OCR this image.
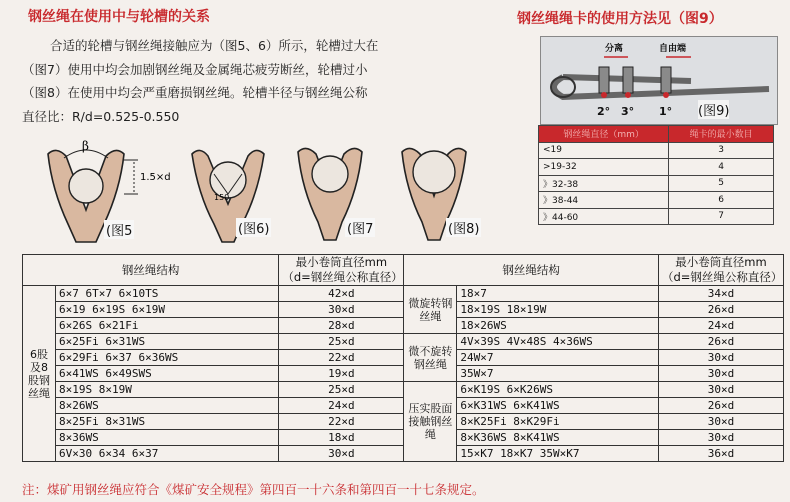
钢丝绳在使用中与轮槽的关系	钢丝绳绳卡的使用方法见（图9）
合适的轮槽与钢丝绳接触应为（图5、6）所示，轮槽过大在
（图7）使用中均会加剧钢丝绳及金属绳芯疲劳断丝，轮槽过小
（图8）在使用中均会严重磨损钢丝绳。轮槽半径与钢丝绳公称
直径比：R/d=0.525-0.550
β
1.5×d
150
(图5	(图6)	(图7	(图8)
分离	自由端
2° 3° 1° (图9)
钢丝绳直径（mm）	绳卡的最小数目
<19	3
>19-32	4
》32-38	5
》38-44	6
》44-60	7
钢丝绳结构		最小卷筒直径mm
（d=钢丝绳公称直径）	钢丝绳结构		最小卷筒直径mm
（d=钢丝绳公称直径）
6股及8股钢丝绳	6×7 6T×7 6×10TS	42×d	微旋转钢丝绳	18×7	34×d
	6×19 6×19S 6×19W	30×d		18×19S 18×19W	26×d
	6×26S 6×21Fi	28×d		18×26WS	24×d
	6×25Fi 6×31WS	25×d	微不旋转钢丝绳	4V×39S 4V×48S 4×36WS	26×d
	6×29Fi 6×37 6×36WS	22×d		24W×7	30×d
	6×41WS 6×49SWS	19×d		35W×7	30×d
	8×19S 8×19W	25×d	压实股面接触钢丝绳	6×K19S 6×K26WS	30×d
	8×26WS	24×d		6×K31WS 6×K41WS	26×d
	8×25Fi 8×31WS	22×d		8×K25Fi 8×K29Fi	30×d
	8×36WS	18×d		8×K36WS 8×K41WS	30×d
	6V×30 6×34 6×37	30×d		15×K7 18×K7 35W×K7	36×d
注：煤矿用钢丝绳应符合《煤矿安全规程》第四百一十六条和第四百一十七条规定。
